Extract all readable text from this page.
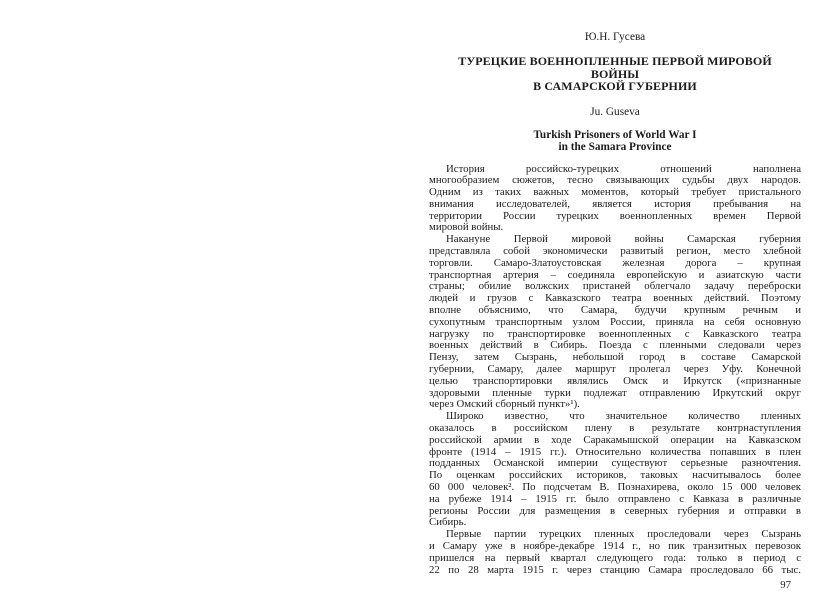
Ю.Н. Гусева
ТУРЕЦКИЕ ВОЕННОПЛЕННЫЕ ПЕРВОЙ МИРОВОЙ
ВОЙНЫ
В САМАРСКОЙ ГУБЕРНИИ
Ju. Guseva
Turkish Prisoners of World War I
in the Samara Province
История российско-турецких отношений наполнена
многообразием сюжетов, тесно связывающих судьбы двух народов.
Одним из таких важных моментов, который требует пристального
внимания исследователей, является история пребывания на
территории России турецких военнопленных времен Первой
мировой войны.
Накануне Первой мировой войны Самарская губерния
представляла собой экономически развитый регион, место хлебной
торговли. Самаро-Златоустовская железная дорога – крупная
транспортная артерия – соединяла европейскую и азиатскую части
страны; обилие волжских пристаней облегчало задачу переброски
людей и грузов с Кавказского театра военных действий. Поэтому
вполне объяснимо, что Самара, будучи крупным речным и
сухопутным транспортным узлом России, приняла на себя основную
нагрузку по транспортировке военнопленных с Кавказского театра
военных действий в Сибирь. Поезда с пленными следовали через
Пензу, затем Сызрань, небольшой город в составе Самарской
губернии, Самару, далее маршрут пролегал через Уфу. Конечной
целью транспортировки являлись Омск и Иркутск («признанные
здоровыми пленные турки подлежат отправлению Иркутский округ
через Омский сборный пункт»¹).
Широко известно, что значительное количество пленных
оказалось в российском плену в результате контрнаступления
российской армии в ходе Саракамышской операции на Кавказском
фронте (1914 – 1915 гг.). Относительно количества попавших в плен
подданных Османской империи существуют серьезные разночтения.
По оценкам российских историков, таковых насчитывалось более
60 000 человек². По подсчетам В. Познахирева, около 15 000 человек
на рубеже 1914 – 1915 гг. было отправлено с Кавказа в различные
регионы России для размещения в северных губерния и отправки в
Сибирь.
Первые партии турецких пленных проследовали через Сызрань
и Самару уже в ноябре-декабре 1914 г., но пик транзитных перевозок
пришелся на первый квартал следующего года: только в период с
22 по 28 марта 1915 г. через станцию Самара проследовало 66 тыс.
97
